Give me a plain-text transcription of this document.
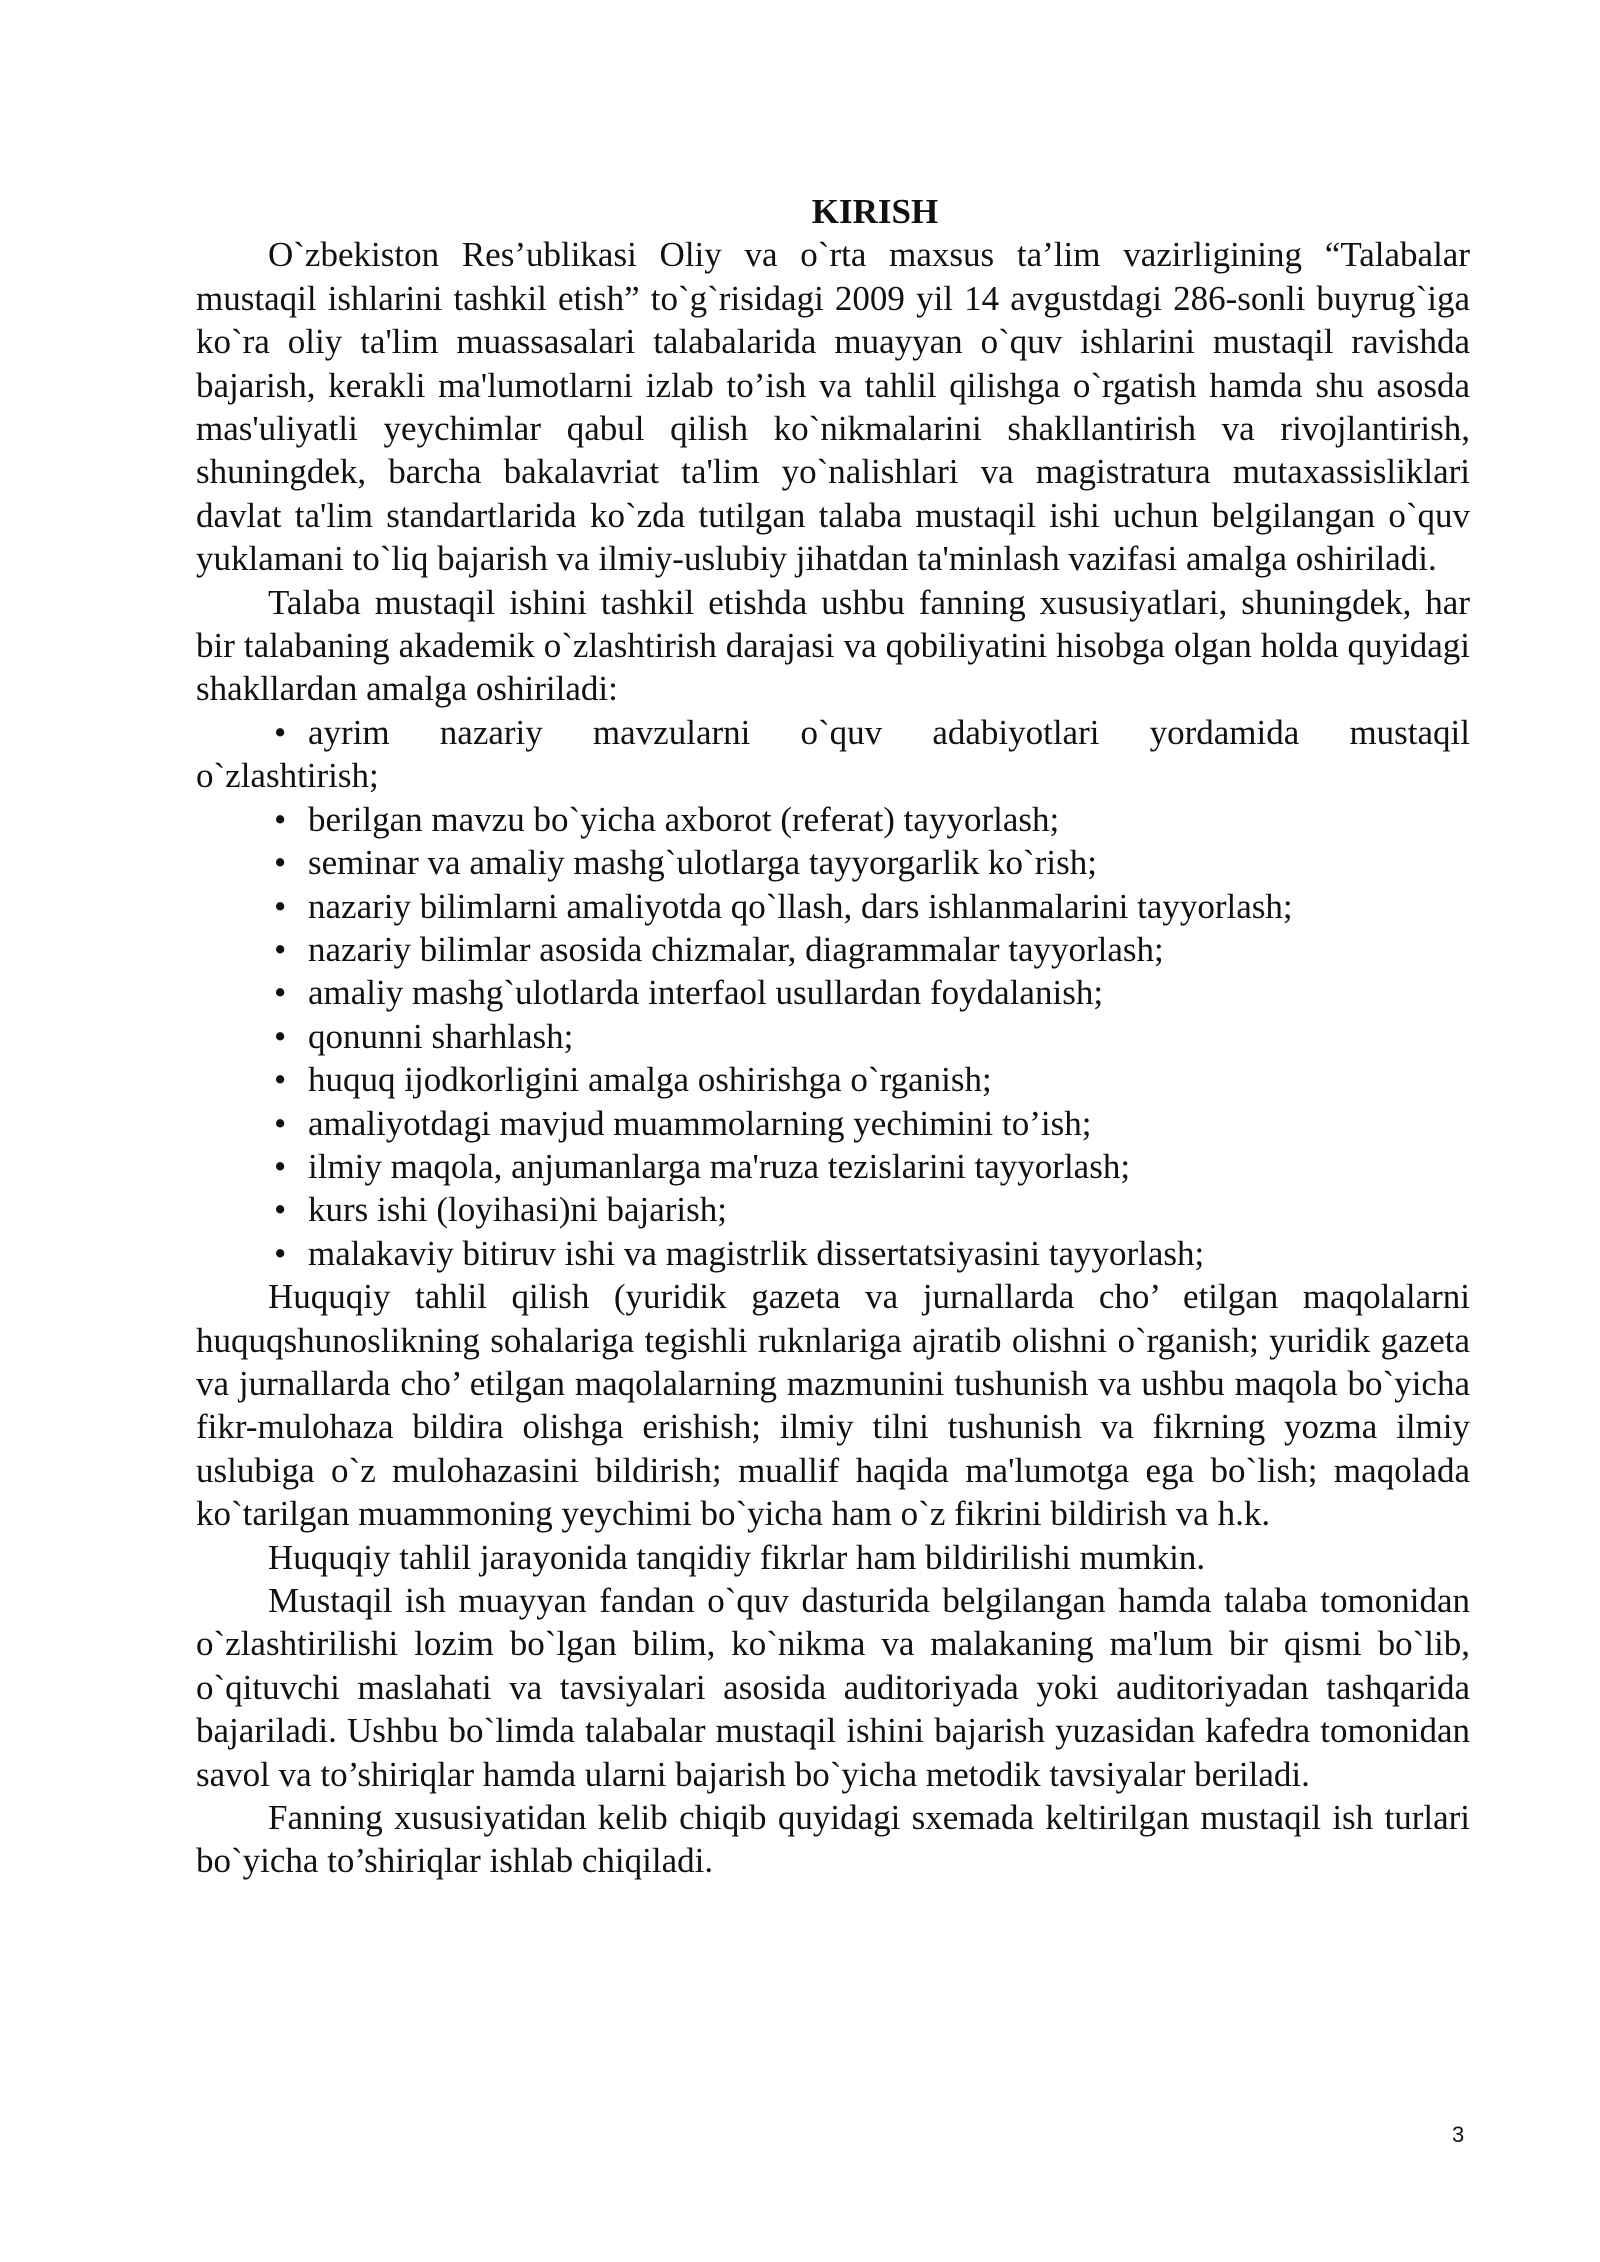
KIRISH

O`zbekiston Res’ublikasi Oliy va o`rta maxsus ta’lim vazirligining “Talabalar mustaqil ishlarini tashkil etish” to`g`risidagi 2009 yil 14 avgustdagi 286-sonli buyrug`iga ko`ra oliy ta'lim muassasalari talabalarida muayyan o`quv ishlarini mustaqil ravishda bajarish, kerakli ma'lumotlarni izlab to’ish va tahlil qilishga o`rgatish hamda shu asosda mas'uliyatli yeychimlar qabul qilish ko`nikmalarini shakllantirish va rivojlantirish, shuningdek, barcha bakalavriat ta'lim yo`nalishlari va magistratura mutaxassisliklari davlat ta'lim standartlarida ko`zda tutilgan talaba mustaqil ishi uchun belgilangan o`quv yuklamani to`liq bajarish va ilmiy-uslubiy jihatdan ta'minlash vazifasi amalga oshiriladi.

Talaba mustaqil ishini tashkil etishda ushbu fanning xususiyatlari, shuningdek, har bir talabaning akademik o`zlashtirish darajasi va qobiliyatini hisobga olgan holda quyidagi shakllardan amalga oshiriladi:

• ayrim nazariy mavzularni o`quv adabiyotlari yordamida mustaqil
o`zlashtirish;
• berilgan mavzu bo`yicha axborot (referat) tayyorlash;
• seminar va amaliy mashg`ulotlarga tayyorgarlik ko`rish;
• nazariy bilimlarni amaliyotda qo`llash, dars ishlanmalarini tayyorlash;
• nazariy bilimlar asosida chizmalar, diagrammalar tayyorlash;
• amaliy mashg`ulotlarda interfaol usullardan foydalanish;
• qonunni sharhlash;
• huquq ijodkorligini amalga oshirishga o`rganish;
• amaliyotdagi mavjud muammolarning yechimini to’ish;
• ilmiy maqola, anjumanlarga ma'ruza tezislarini tayyorlash;
• kurs ishi (loyihasi)ni bajarish;
• malakaviy bitiruv ishi va magistrlik dissertatsiyasini tayyorlash;

Huquqiy tahlil qilish (yuridik gazeta va jurnallarda cho’ etilgan maqolalarni huquqshunoslikning sohalariga tegishli ruknlariga ajratib olishni o`rganish; yuridik gazeta va jurnallarda cho’ etilgan maqolalarning mazmunini tushunish va ushbu maqola bo`yicha fikr-mulohaza bildira olishga erishish; ilmiy tilni tushunish va fikrning yozma ilmiy uslubiga o`z mulohazasini bildirish; muallif haqida ma'lumotga ega bo`lish; maqolada ko`tarilgan muammoning yeychimi bo`yicha ham o`z fikrini bildirish va h.k.

Huquqiy tahlil jarayonida tanqidiy fikrlar ham bildirilishi mumkin.

Mustaqil ish muayyan fandan o`quv dasturida belgilangan hamda talaba tomonidan o`zlashtirilishi lozim bo`lgan bilim, ko`nikma va malakaning ma'lum bir qismi bo`lib, o`qituvchi maslahati va tavsiyalari asosida auditoriyada yoki auditoriyadan tashqarida bajariladi. Ushbu bo`limda talabalar mustaqil ishini bajarish yuzasidan kafedra tomonidan savol va to’shiriqlar hamda ularni bajarish bo`yicha metodik tavsiyalar beriladi.

Fanning xususiyatidan kelib chiqib quyidagi sxemada keltirilgan mustaqil ish turlari bo`yicha to’shiriqlar ishlab chiqiladi.

3
